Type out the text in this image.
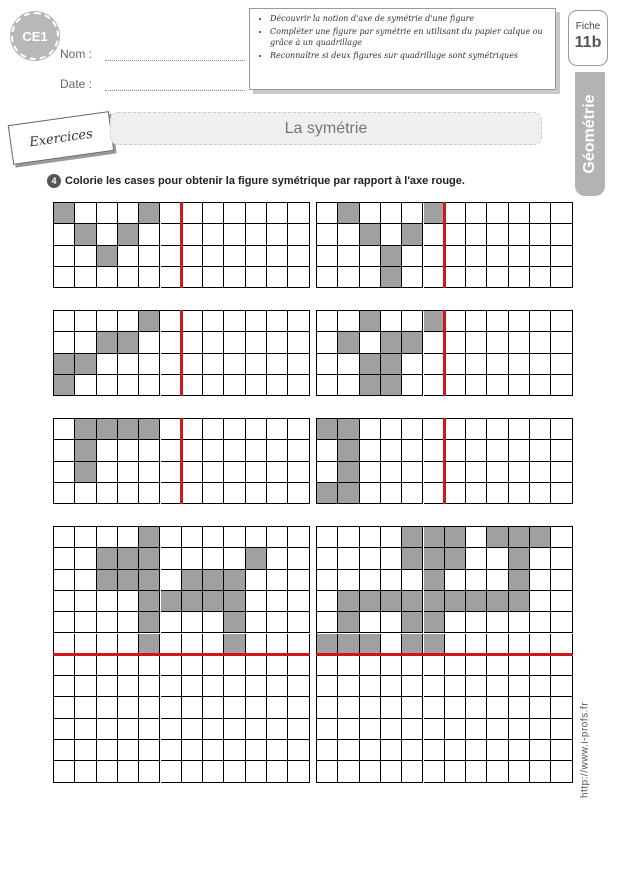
CE1
Nom :
Date :
• Découvrir la notion d'axe de symétrie d'une figure
• Compléter une figure par symétrie en utilisant du papier calque ou grâce à un quadrillage
• Reconnaître si deux figures sur quadrillage sont symétriques
Fiche
11b
Géométrie
Exercices	La symétrie
4 Colorie les cases pour obtenir la figure symétrique par rapport à l'axe rouge.
http://www.i-profs.fr
